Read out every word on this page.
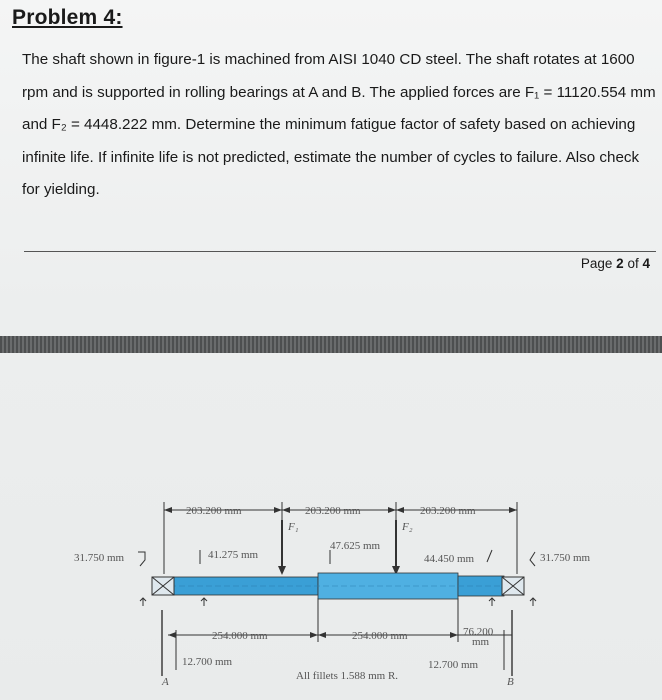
Problem 4:
The shaft shown in figure-1 is machined from AISI 1040 CD steel. The shaft rotates at 1600
rpm and is supported in rolling bearings at A and B. The applied forces are F₁ = 11120.554 mm
and F₂ = 4448.222 mm. Determine the minimum fatigue factor of safety based on achieving
infinite life. If infinite life is not predicted, estimate the number of cycles to failure. Also check
for yielding.
Page 2 of 4
203.200 mm	203.200 mm	203.200 mm
F₁	F₂
47.625 mm
41.275 mm	44.450 mm
31.750 mm	31.750 mm
254.000 mm	254.000 mm	76.200
mm
12.700 mm	12.700 mm
All fillets 1.588 mm R.
A	B
